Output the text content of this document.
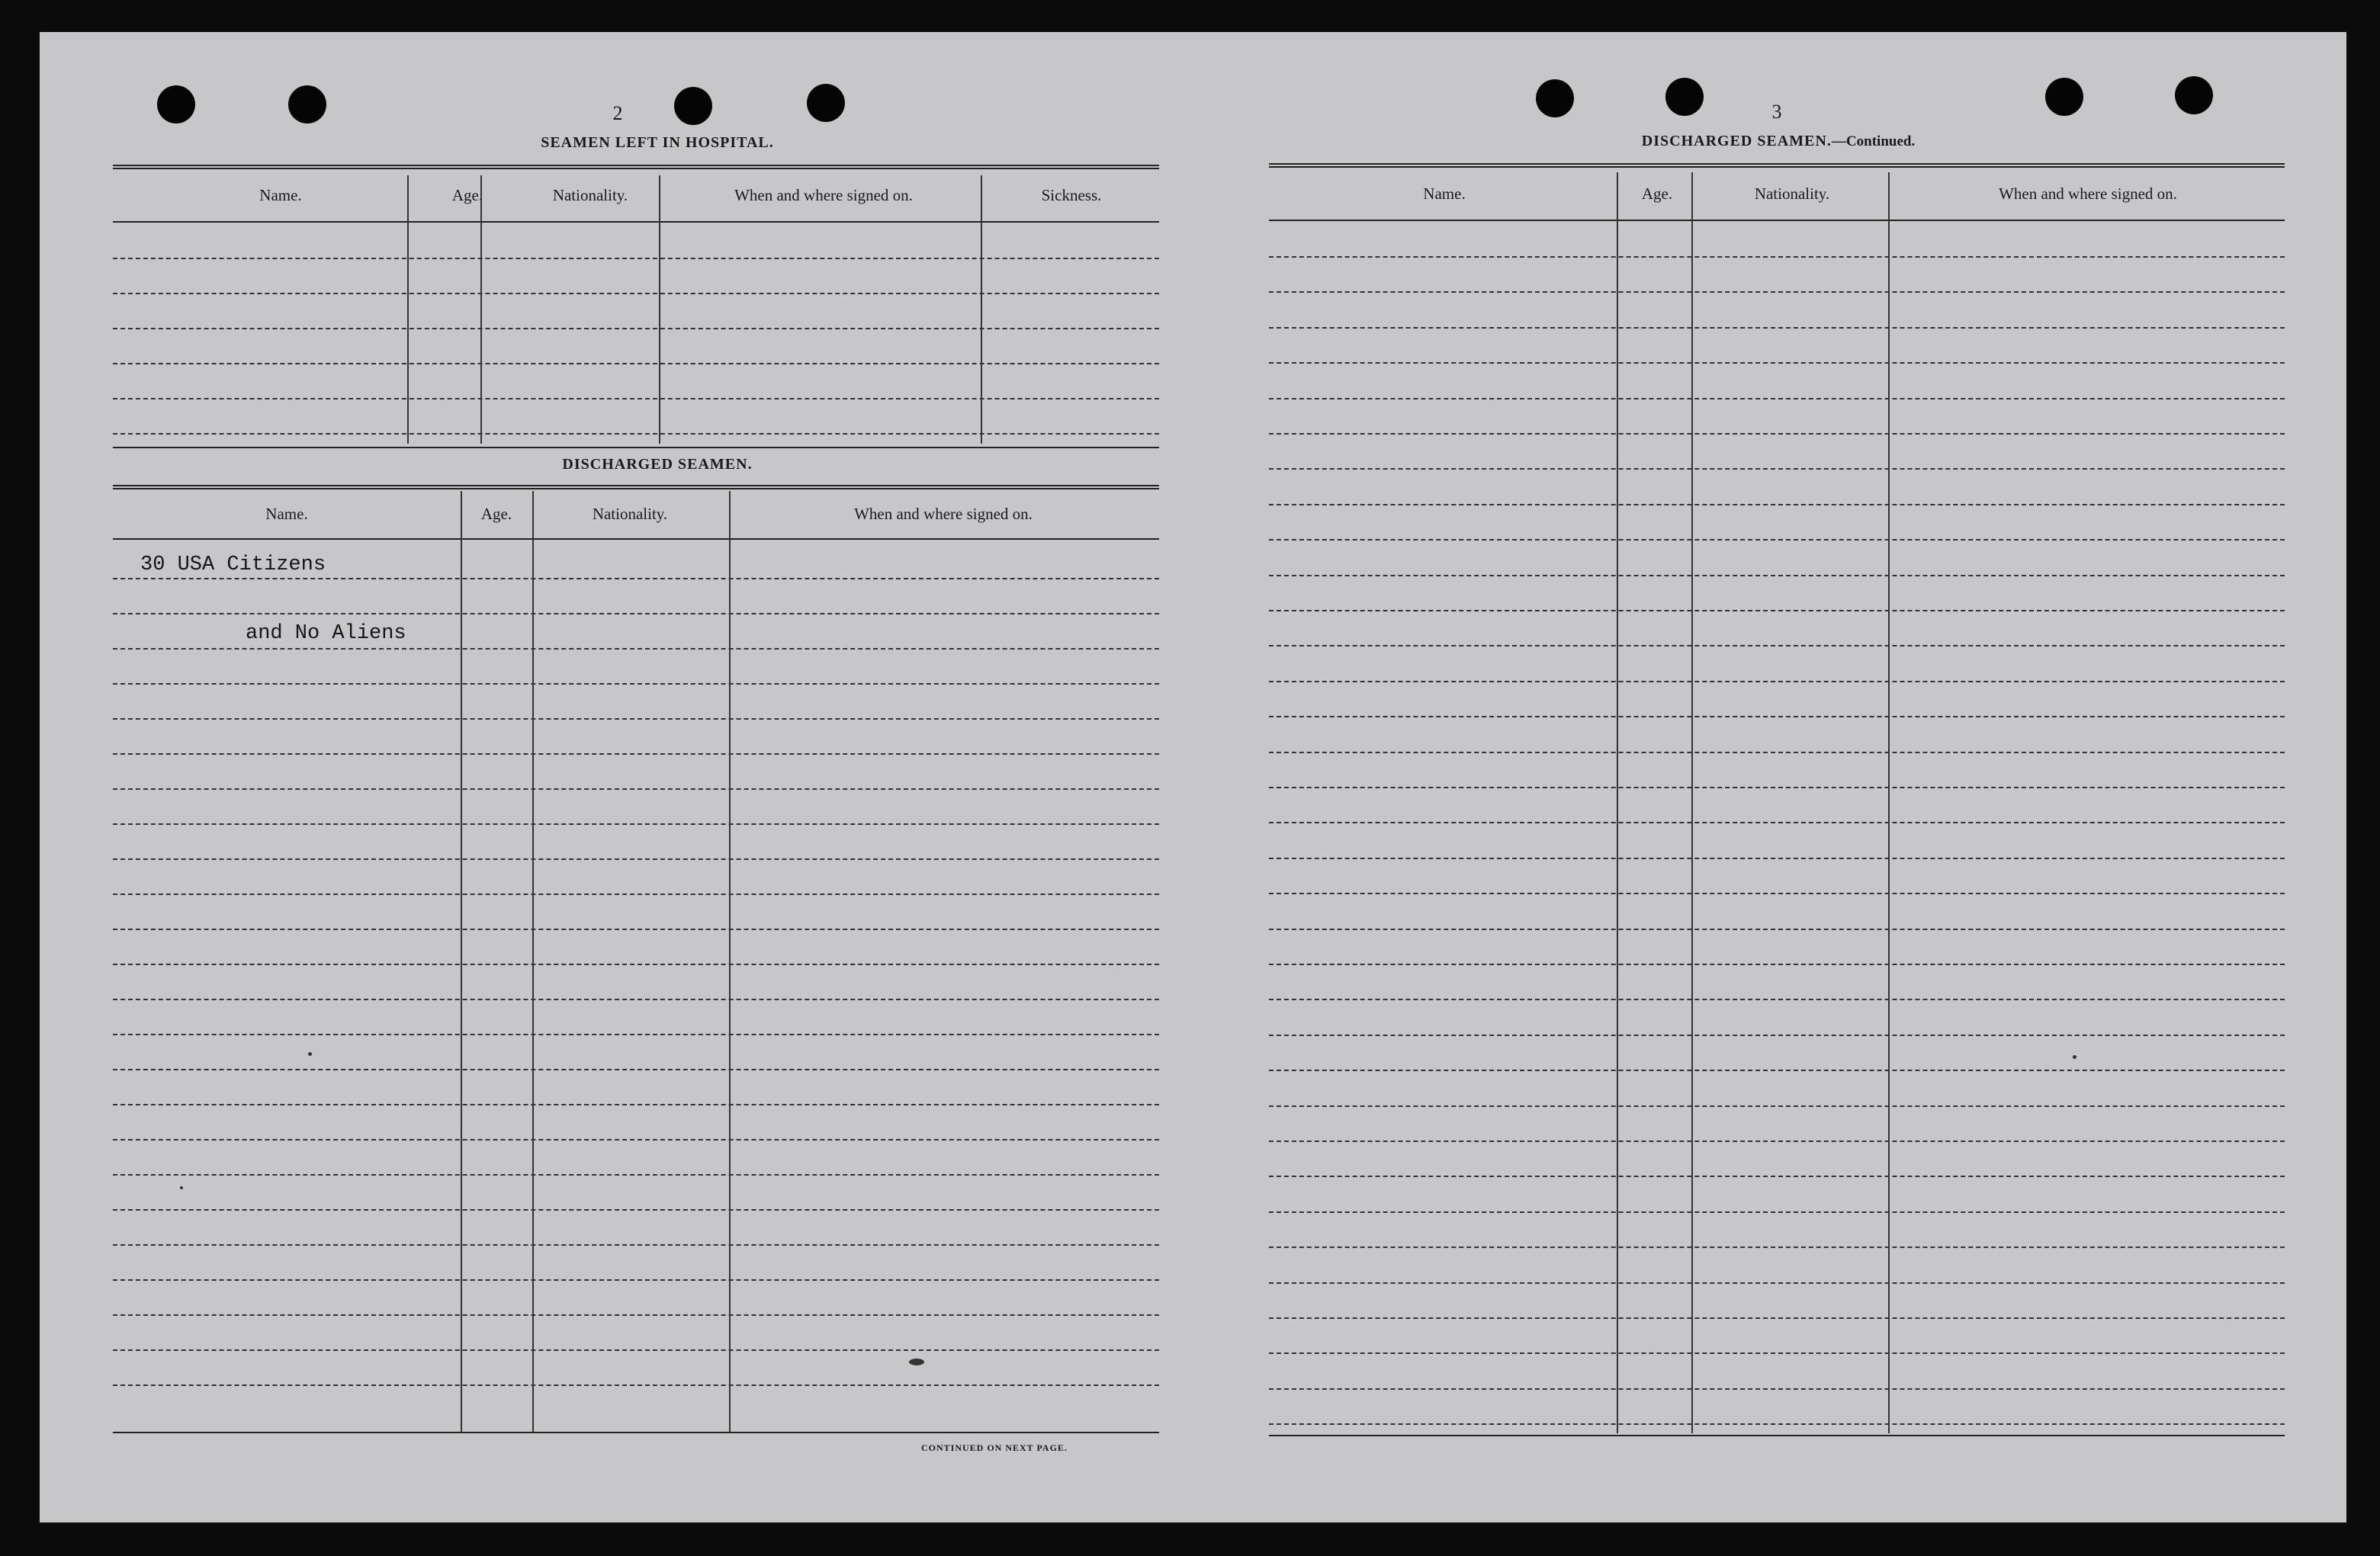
2
SEAMEN LEFT IN HOSPITAL.
Name.	Age.	Nationality.	When and where signed on.	Sickness.
DISCHARGED SEAMEN.
Name.	Age.	Nationality.	When and where signed on.
30 USA Citizens
and No Aliens
CONTINUED ON NEXT PAGE.
3
DISCHARGED SEAMEN.—Continued.
Name.	Age.	Nationality.	When and where signed on.
